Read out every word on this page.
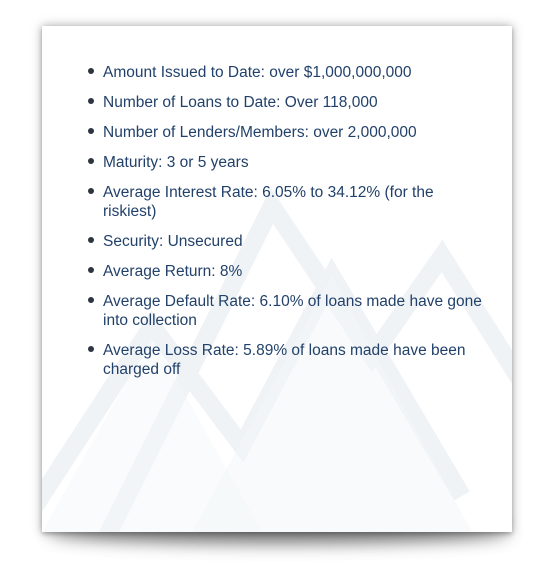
Amount Issued to Date: over $1,000,000,000
Number of Loans to Date: Over 118,000
Number of Lenders/Members: over 2,000,000
Maturity: 3 or 5 years
Average Interest Rate: 6.05% to 34.12% (for the riskiest)
Security: Unsecured
Average Return: 8%
Average Default Rate: 6.10% of loans made have gone into collection
Average Loss Rate: 5.89% of loans made have been charged off
